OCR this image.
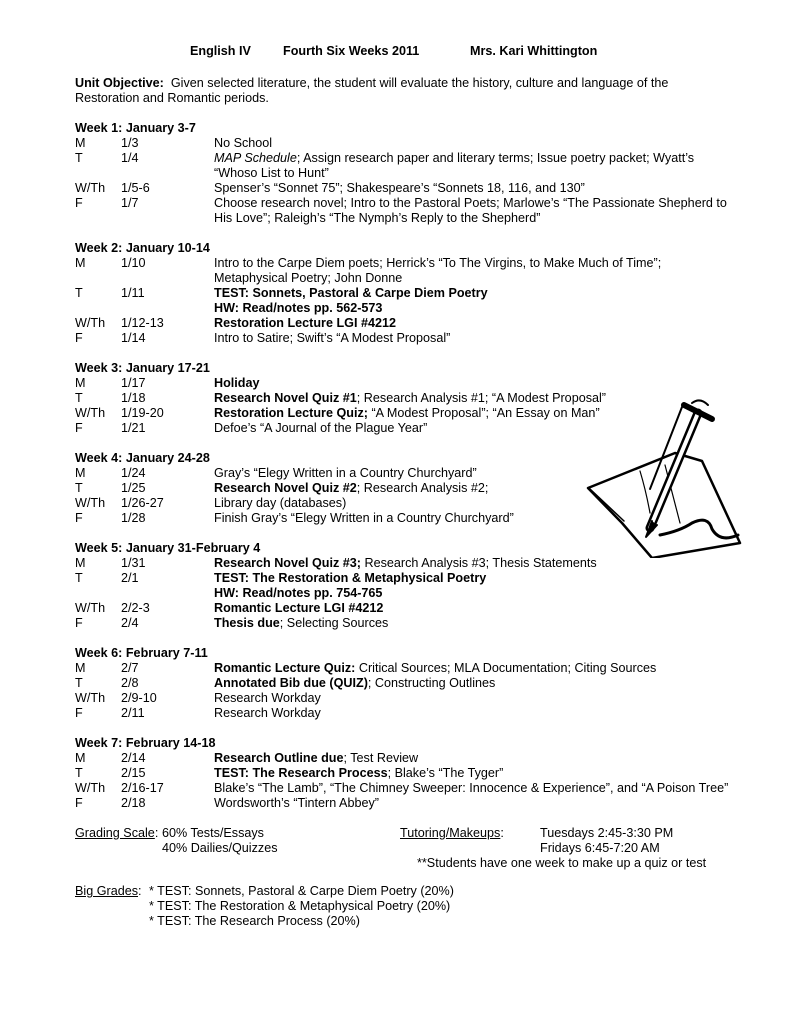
English IV	Fourth Six Weeks 2011	Mrs. Kari Whittington
Unit Objective: Given selected literature, the student will evaluate the history, culture and language of the Restoration and Romantic periods.
Week 1: January 3-7
M	1/3	No School
T	1/4	MAP Schedule; Assign research paper and literary terms; Issue poetry packet; Wyatt’s “Whoso List to Hunt”
W/Th 1/5-6	Spenser’s “Sonnet 75”; Shakespeare’s “Sonnets 18, 116, and 130”
F	1/7	Choose research novel; Intro to the Pastoral Poets; Marlowe’s “The Passionate Shepherd to His Love”; Raleigh’s “The Nymph’s Reply to the Shepherd”
Week 2: January 10-14
M	1/10	Intro to the Carpe Diem poets; Herrick’s “To The Virgins, to Make Much of Time”; Metaphysical Poetry; John Donne
T	1/11	TEST: Sonnets, Pastoral & Carpe Diem Poetry
HW: Read/notes pp. 562-573
W/Th 1/12-13	Restoration Lecture LGI #4212
F	1/14	Intro to Satire; Swift’s “A Modest Proposal”
Week 3: January 17-21
M	1/17	Holiday
T	1/18	Research Novel Quiz #1; Research Analysis #1; “A Modest Proposal”
W/Th 1/19-20	Restoration Lecture Quiz; “A Modest Proposal”; “An Essay on Man”
F	1/21	Defoe’s “A Journal of the Plague Year”
Week 4: January 24-28
M	1/24	Gray’s “Elegy Written in a Country Churchyard”
T	1/25	Research Novel Quiz #2; Research Analysis #2;
W/Th 1/26-27	Library day (databases)
F	1/28	Finish Gray’s “Elegy Written in a Country Churchyard”
Week 5: January 31-February 4
M	1/31	Research Novel Quiz #3; Research Analysis #3; Thesis Statements
T	2/1	TEST: The Restoration & Metaphysical Poetry
HW: Read/notes pp. 754-765
W/Th 2/2-3	Romantic Lecture LGI #4212
F	2/4	Thesis due; Selecting Sources
Week 6: February 7-11
M	2/7	Romantic Lecture Quiz: Critical Sources; MLA Documentation; Citing Sources
T	2/8	Annotated Bib due (QUIZ); Constructing Outlines
W/Th 2/9-10	Research Workday
F	2/11	Research Workday
Week 7: February 14-18
M	2/14	Research Outline due; Test Review
T	2/15	TEST: The Research Process; Blake’s “The Tyger”
W/Th 2/16-17	Blake’s “The Lamb”, “The Chimney Sweeper: Innocence & Experience”, and “A Poison Tree”
F	2/18	Wordsworth’s “Tintern Abbey”
Grading Scale: 60% Tests/Essays
40% Dailies/Quizzes
Tutoring/Makeups:	Tuesdays 2:45-3:30 PM
Fridays 6:45-7:20 AM
**Students have one week to make up a quiz or test
Big Grades: * TEST: Sonnets, Pastoral & Carpe Diem Poetry (20%)
* TEST: The Restoration & Metaphysical Poetry (20%)
* TEST: The Research Process (20%)
